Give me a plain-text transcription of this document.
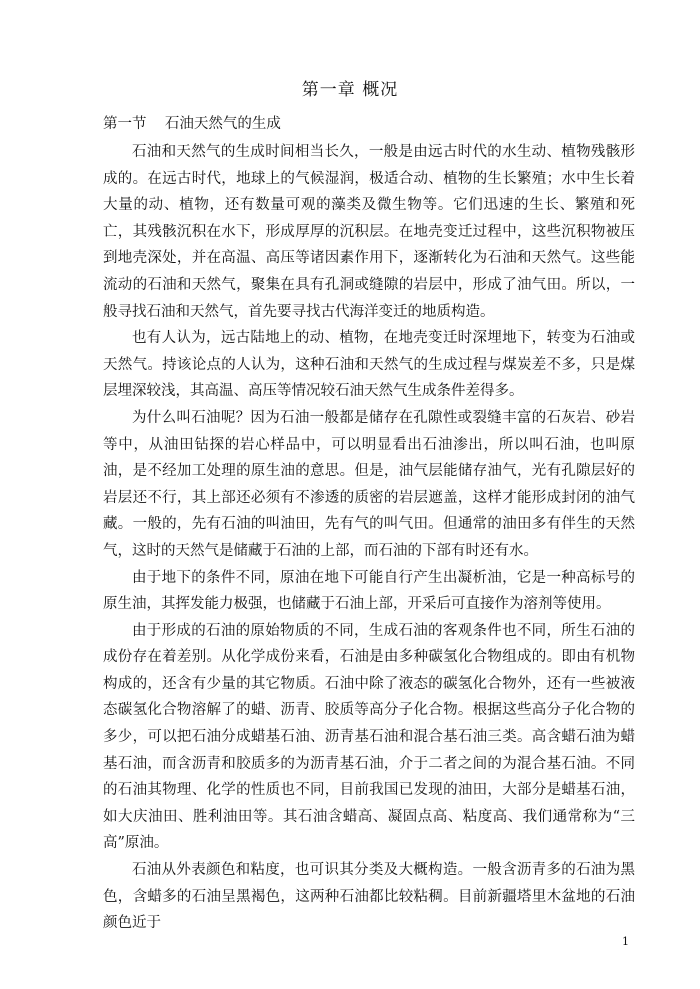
第一章 概况
第一节    石油天然气的生成

石油和天然气的生成时间相当长久，一般是由远古时代的水生动、植物残骸形成的。在远古时代，地球上的气候湿润，极适合动、植物的生长繁殖；水中生长着大量的动、植物，还有数量可观的藻类及微生物等。它们迅速的生长、繁殖和死亡，其残骸沉积在水下，形成厚厚的沉积层。在地壳变迁过程中，这些沉积物被压到地壳深处，并在高温、高压等诸因素作用下，逐渐转化为石油和天然气。这些能流动的石油和天然气，聚集在具有孔洞或缝隙的岩层中，形成了油气田。所以，一般寻找石油和天然气，首先要寻找古代海洋变迁的地质构造。

也有人认为，远古陆地上的动、植物，在地壳变迁时深埋地下，转变为石油或天然气。持该论点的人认为，这种石油和天然气的生成过程与煤炭差不多，只是煤层埋深较浅，其高温、高压等情况较石油天然气生成条件差得多。

为什么叫石油呢？因为石油一般都是储存在孔隙性或裂缝丰富的石灰岩、砂岩等中，从油田钻探的岩心样品中，可以明显看出石油渗出，所以叫石油，也叫原油，是不经加工处理的原生油的意思。但是，油气层能储存油气，光有孔隙层好的岩层还不行，其上部还必须有不渗透的质密的岩层遮盖，这样才能形成封闭的油气藏。一般的，先有石油的叫油田，先有气的叫气田。但通常的油田多有伴生的天然气，这时的天然气是储藏于石油的上部，而石油的下部有时还有水。

由于地下的条件不同，原油在地下可能自行产生出凝析油，它是一种高标号的原生油，其挥发能力极强，也储藏于石油上部，开采后可直接作为溶剂等使用。

由于形成的石油的原始物质的不同，生成石油的客观条件也不同，所生石油的成份存在着差别。从化学成份来看，石油是由多种碳氢化合物组成的。即由有机物构成的，还含有少量的其它物质。石油中除了液态的碳氢化合物外，还有一些被液态碳氢化合物溶解了的蜡、沥青、胶质等高分子化合物。根据这些高分子化合物的多少，可以把石油分成蜡基石油、沥青基石油和混合基石油三类。高含蜡石油为蜡基石油，而含沥青和胶质多的为沥青基石油，介于二者之间的为混合基石油。不同的石油其物理、化学的性质也不同，目前我国已发现的油田，大部分是蜡基石油，如大庆油田、胜利油田等。其石油含蜡高、凝固点高、粘度高、我们通常称为“三高”原油。

石油从外表颜色和粘度，也可识其分类及大概构造。一般含沥青多的石油为黑色，含蜡多的石油呈黑褐色，这两种石油都比较粘稠。目前新疆塔里木盆地的石油颜色近于

1
